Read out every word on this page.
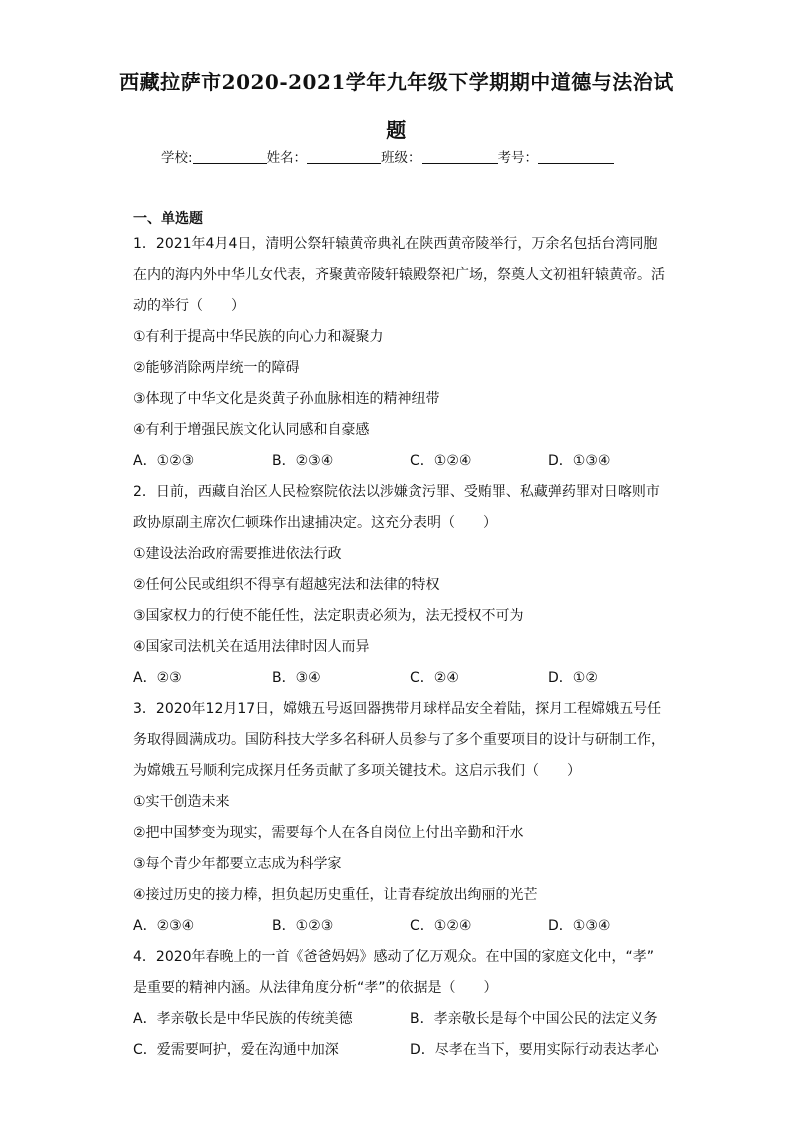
西藏拉萨市2020-2021学年九年级下学期期中道德与法治试
题
学校:	姓名：	班级：	考号：
一、单选题
1．2021年4月4日，清明公祭轩辕黄帝典礼在陕西黄帝陵举行，万余名包括台湾同胞
在内的海内外中华儿女代表，齐聚黄帝陵轩辕殿祭祀广场，祭奠人文初祖轩辕黄帝。活
动的举行（　　）
①有利于提高中华民族的向心力和凝聚力
②能够消除两岸统一的障碍
③体现了中华文化是炎黄子孙血脉相连的精神纽带
④有利于增强民族文化认同感和自豪感
A．①②③	B．②③④	C．①②④	D．①③④
2．日前，西藏自治区人民检察院依法以涉嫌贪污罪、受贿罪、私藏弹药罪对日喀则市
政协原副主席次仁顿珠作出逮捕决定。这充分表明（　　）
①建设法治政府需要推进依法行政
②任何公民或组织不得享有超越宪法和法律的特权
③国家权力的行使不能任性，法定职责必须为，法无授权不可为
④国家司法机关在适用法律时因人而异
A．②③	B．③④	C．②④	D．①②
3．2020年12月17日，嫦娥五号返回器携带月球样品安全着陆，探月工程嫦娥五号任
务取得圆满成功。国防科技大学多名科研人员参与了多个重要项目的设计与研制工作，
为嫦娥五号顺利完成探月任务贡献了多项关键技术。这启示我们（　　）
①实干创造未来
②把中国梦变为现实，需要每个人在各自岗位上付出辛勤和汗水
③每个青少年都要立志成为科学家
④接过历史的接力棒，担负起历史重任，让青春绽放出绚丽的光芒
A．②③④	B．①②③	C．①②④	D．①③④
4．2020年春晚上的一首《爸爸妈妈》感动了亿万观众。在中国的家庭文化中，“孝”
是重要的精神内涵。从法律角度分析“孝”的依据是（　　）
A．孝亲敬长是中华民族的传统美德	B．孝亲敬长是每个中国公民的法定义务
C．爱需要呵护，爱在沟通中加深	D．尽孝在当下，要用实际行动表达孝心
